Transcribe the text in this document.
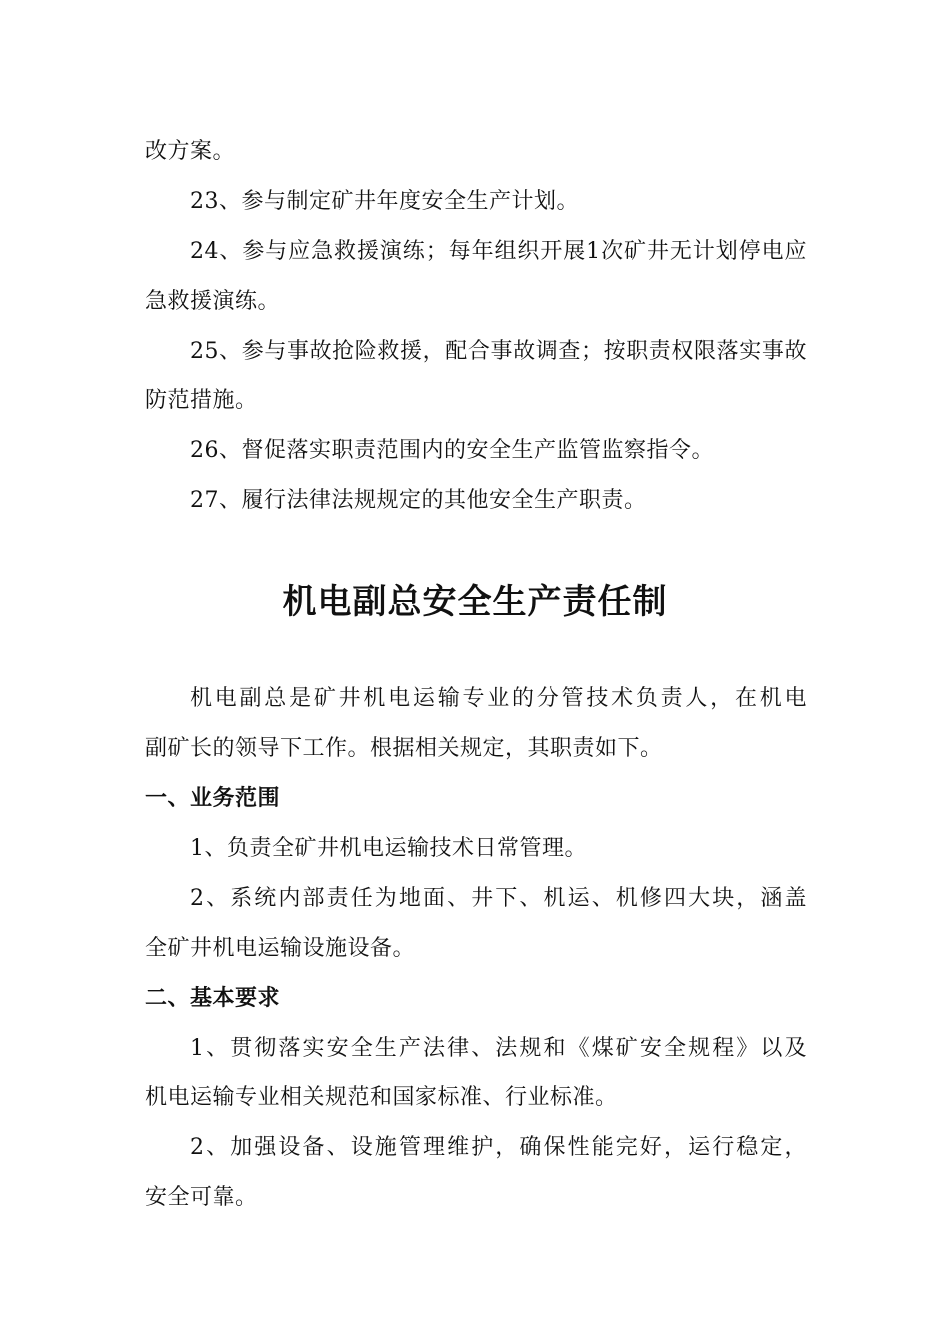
改方案。
23、参与制定矿井年度安全生产计划。
24、参与应急救援演练；每年组织开展1次矿井无计划停电应
急救援演练。
25、参与事故抢险救援，配合事故调查；按职责权限落实事故
防范措施。
26、督促落实职责范围内的安全生产监管监察指令。
27、履行法律法规规定的其他安全生产职责。
机电副总安全生产责任制
机电副总是矿井机电运输专业的分管技术负责人，在机电
副矿长的领导下工作。根据相关规定，其职责如下。
一、业务范围
1、负责全矿井机电运输技术日常管理。
2、系统内部责任为地面、井下、机运、机修四大块，涵盖
全矿井机电运输设施设备。
二、基本要求
1、贯彻落实安全生产法律、法规和《煤矿安全规程》以及
机电运输专业相关规范和国家标准、行业标准。
2、加强设备、设施管理维护，确保性能完好，运行稳定，
安全可靠。
